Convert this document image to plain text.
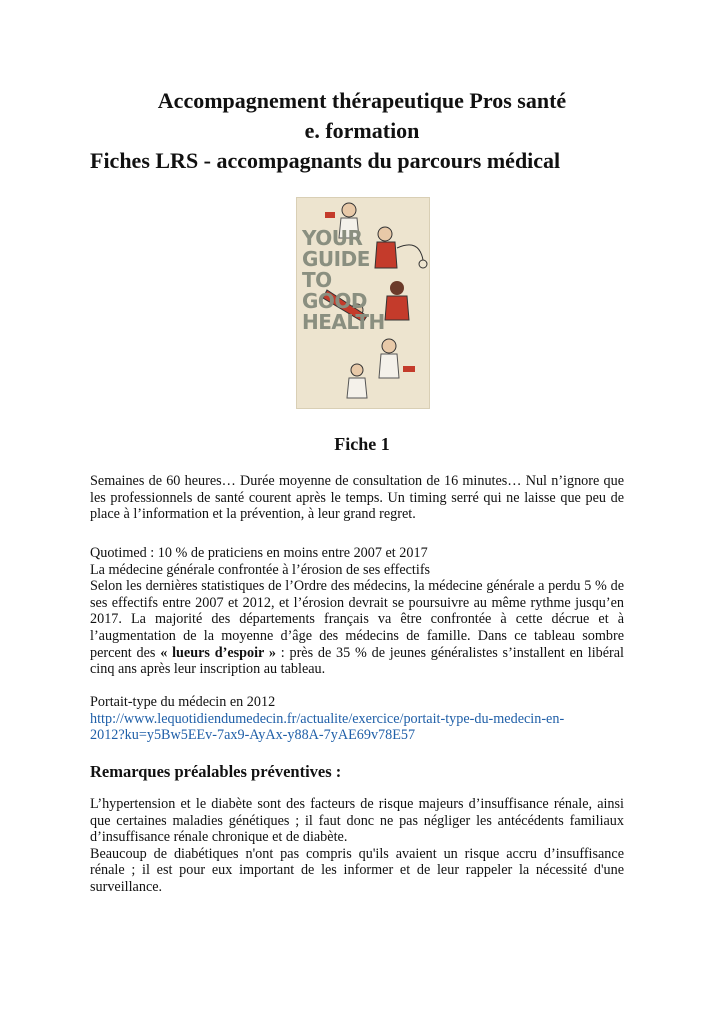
Accompagnement thérapeutique Pros santé
e. formation
Fiches LRS - accompagnants du parcours médical
YOUR
GUIDE
TO
GOOD
HEALTH
Fiche 1
Semaines de 60 heures… Durée moyenne de consultation de 16 minutes… Nul n’ignore que les professionnels de santé courent après le temps. Un timing serré qui ne laisse que peu de place à l’information et la prévention, à leur grand regret.
Quotimed : 10 % de praticiens en moins entre 2007 et 2017
La médecine générale confrontée à l’érosion de ses effectifs
Selon les dernières statistiques de l’Ordre des médecins, la médecine générale a perdu 5 % de ses effectifs entre 2007 et 2012, et l’érosion devrait se poursuivre au même rythme jusqu’en 2017. La majorité des départements français va être confrontée à cette décrue et à l’augmentation de la moyenne d’âge des médecins de famille. Dans ce tableau sombre percent des « lueurs d’espoir » : près de 35 % de jeunes généralistes s’installent en libéral cinq ans après leur inscription au tableau.
Portait-type du médecin en 2012
http://www.lequotidiendumedecin.fr/actualite/exercice/portait-type-du-medecin-en-
2012?ku=y5Bw5EEv-7ax9-AyAx-y88A-7yAE69v78E57
Remarques préalables préventives :
L’hypertension et le diabète sont des facteurs de risque majeurs d’insuffisance rénale, ainsi que certaines maladies génétiques ; il faut donc ne pas négliger les antécédents familiaux d’insuffisance rénale chronique et de diabète.
Beaucoup de diabétiques n'ont pas compris qu'ils avaient un risque accru d’insuffisance rénale ; il est pour eux important de les informer et de leur rappeler la nécessité d'une surveillance.
